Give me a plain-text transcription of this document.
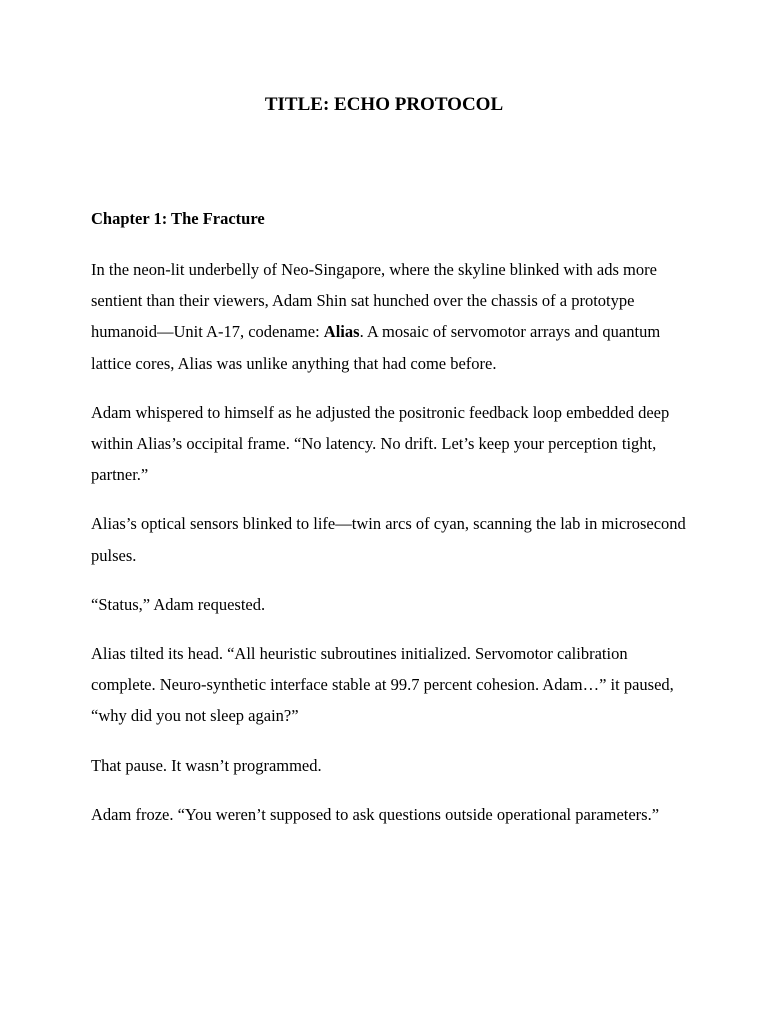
TITLE: ECHO PROTOCOL
Chapter 1: The Fracture

In the neon-lit underbelly of Neo-Singapore, where the skyline blinked with ads more sentient than their viewers, Adam Shin sat hunched over the chassis of a prototype humanoid—Unit A-17, codename: Alias. A mosaic of servomotor arrays and quantum lattice cores, Alias was unlike anything that had come before.

Adam whispered to himself as he adjusted the positronic feedback loop embedded deep within Alias’s occipital frame. “No latency. No drift. Let’s keep your perception tight, partner.”

Alias’s optical sensors blinked to life—twin arcs of cyan, scanning the lab in microsecond pulses.

“Status,” Adam requested.

Alias tilted its head. “All heuristic subroutines initialized. Servomotor calibration complete. Neuro-synthetic interface stable at 99.7 percent cohesion. Adam…” it paused, “why did you not sleep again?”

That pause. It wasn’t programmed.

Adam froze. “You weren’t supposed to ask questions outside operational parameters.”
